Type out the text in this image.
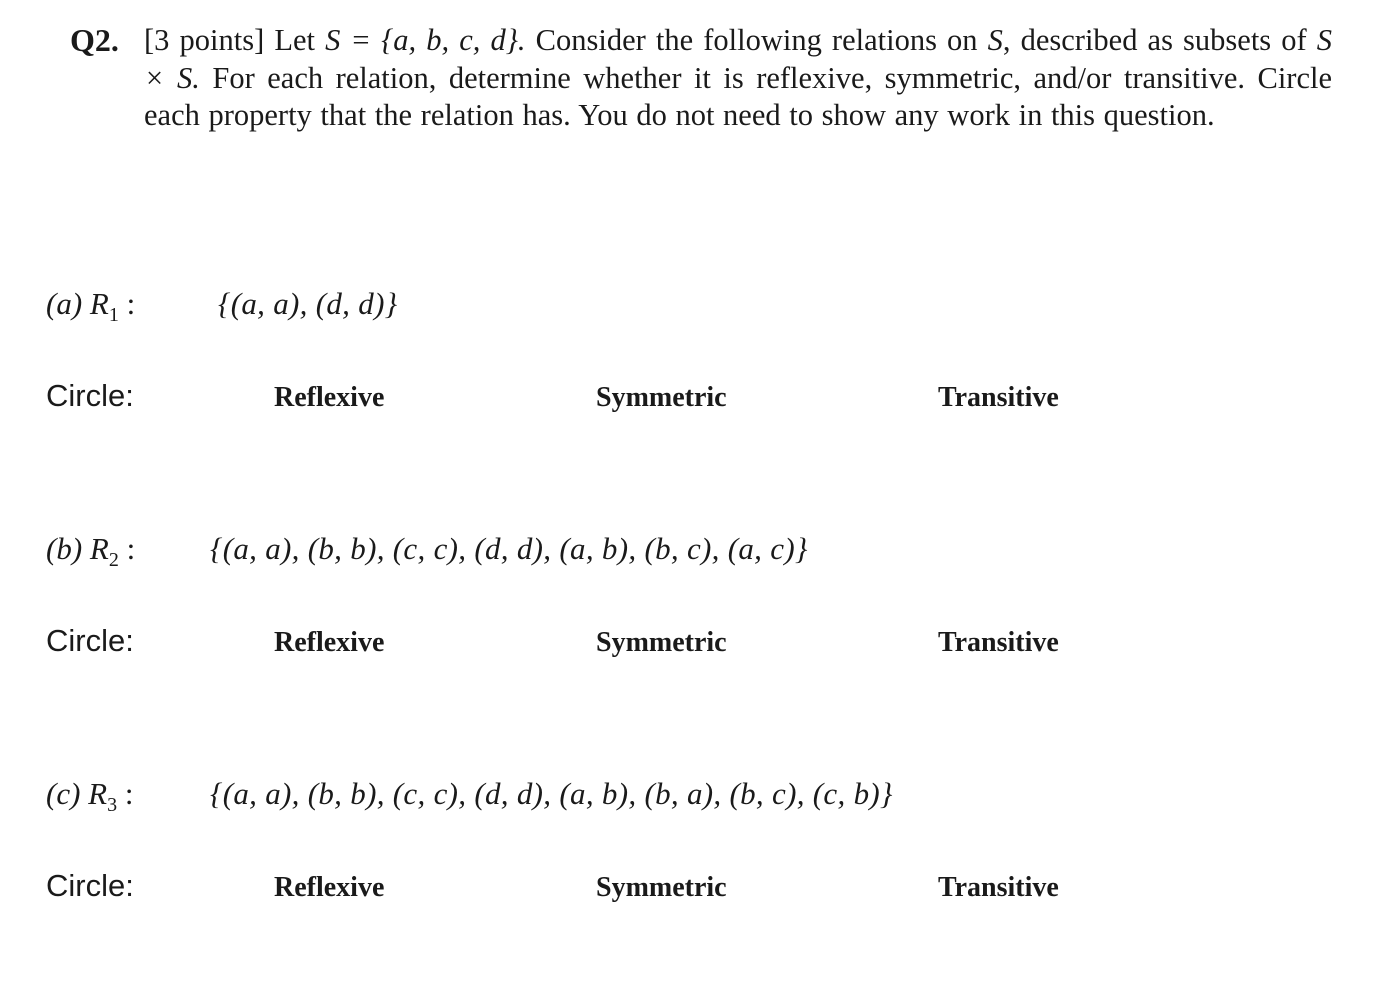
Q2. [3 points] Let S = {a, b, c, d}. Consider the following relations on S, described as subsets of S × S. For each relation, determine whether it is reflexive, symmetric, and/or transitive. Circle each property that the relation has. You do not need to show any work in this question.
(a) $R_1$ :	{(a, a), (d, d)}
Circle:	Reflexive	Symmetric	Transitive
(b) $R_2$ : {(a, a), (b, b), (c, c), (d, d), (a, b), (b, c), (a, c)}
Circle:	Reflexive	Symmetric	Transitive
(c) $R_3$ : {(a, a), (b, b), (c, c), (d, d), (a, b), (b, a), (b, c), (c, b)}
Circle:	Reflexive	Symmetric	Transitive
